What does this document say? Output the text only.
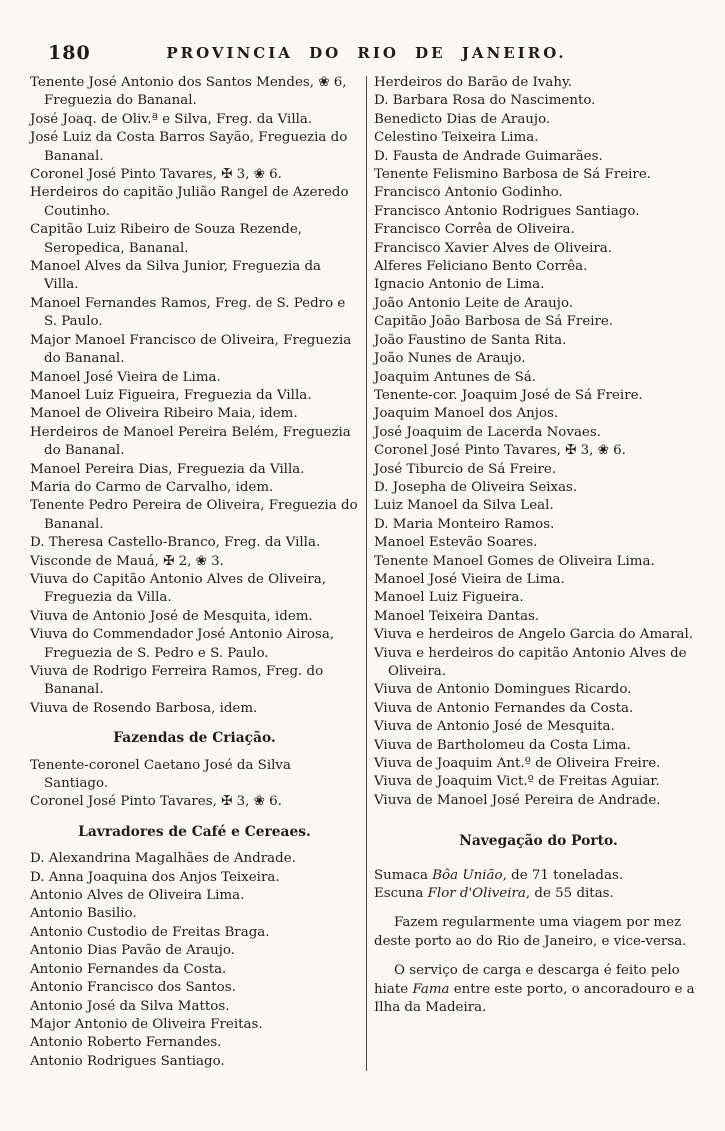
180	PROVINCIA DO RIO DE JANEIRO.

Tenente José Antonio dos Santos Mendes, ❀ 6, Freguezia do Bananal.

José Joaq. de Oliv.ª e Silva, Freg. da Villa.

José Luiz da Costa Barros Sayão, Freguezia do Bananal.

Coronel José Pinto Tavares, ✠ 3, ❀ 6.

Herdeiros do capitão Julião Rangel de Azeredo Coutinho.

Capitão Luiz Ribeiro de Souza Rezende, Seropedica, Bananal.

Manoel Alves da Silva Junior, Freguezia da Villa.

Manoel Fernandes Ramos, Freg. de S. Pedro e S. Paulo.

Major Manoel Francisco de Oliveira, Freguezia do Bananal.

Manoel José Vieira de Lima.

Manoel Luiz Figueira, Freguezia da Villa.

Manoel de Oliveira Ribeiro Maia, idem.

Herdeiros de Manoel Pereira Belém, Freguezia do Bananal.

Manoel Pereira Dias, Freguezia da Villa.

Maria do Carmo de Carvalho, idem.

Tenente Pedro Pereira de Oliveira, Freguezia do Bananal.

D. Theresa Castello-Branco, Freg. da Villa.

Visconde de Mauá, ✠ 2, ❀ 3.

Viuva do Capitão Antonio Alves de Oliveira, Freguezia da Villa.

Viuva de Antonio José de Mesquita, idem.

Viuva do Commendador José Antonio Airosa, Freguezia de S. Pedro e S. Paulo.

Viuva de Rodrigo Ferreira Ramos, Freg. do Bananal.

Viuva de Rosendo Barbosa, idem.

Fazendas de Criação.

Tenente-coronel Caetano José da Silva Santiago.

Coronel José Pinto Tavares, ✠ 3, ❀ 6.

Lavradores de Café e Cereaes.

D. Alexandrina Magalhães de Andrade.

D. Anna Joaquina dos Anjos Teixeira.

Antonio Alves de Oliveira Lima.

Antonio Basilio.

Antonio Custodio de Freitas Braga.

Antonio Dias Pavão de Araujo.

Antonio Fernandes da Costa.

Antonio Francisco dos Santos.

Antonio José da Silva Mattos.

Major Antonio de Oliveira Freitas.

Antonio Roberto Fernandes.

Antonio Rodrigues Santiago.

Herdeiros do Barão de Ivahy.

D. Barbara Rosa do Nascimento.

Benedicto Dias de Araujo.

Celestino Teixeira Lima.

D. Fausta de Andrade Guimarães.

Tenente Felismino Barbosa de Sá Freire.

Francisco Antonio Godinho.

Francisco Antonio Rodrigues Santiago.

Francisco Corrêa de Oliveira.

Francisco Xavier Alves de Oliveira.

Alferes Feliciano Bento Corrêa.

Ignacio Antonio de Lima.

João Antonio Leite de Araujo.

Capitão João Barbosa de Sá Freire.

João Faustino de Santa Rita.

João Nunes de Araujo.

Joaquim Antunes de Sá.

Tenente-cor. Joaquim José de Sá Freire.

Joaquim Manoel dos Anjos.

José Joaquim de Lacerda Novaes.

Coronel José Pinto Tavares, ✠ 3, ❀ 6.

José Tiburcio de Sá Freire.

D. Josepha de Oliveira Seixas.

Luiz Manoel da Silva Leal.

D. Maria Monteiro Ramos.

Manoel Estevão Soares.

Tenente Manoel Gomes de Oliveira Lima.

Manoel José Vieira de Lima.

Manoel Luiz Figueira.

Manoel Teixeira Dantas.

Viuva e herdeiros de Angelo Garcia do Amaral.

Viuva e herdeiros do capitão Antonio Alves de Oliveira.

Viuva de Antonio Domingues Ricardo.

Viuva de Antonio Fernandes da Costa.

Viuva de Antonio José de Mesquita.

Viuva de Bartholomeu da Costa Lima.

Viuva de Joaquim Ant.º de Oliveira Freire.

Viuva de Joaquim Vict.º de Freitas Aguiar.

Viuva de Manoel José Pereira de Andrade.

Navegação do Porto.

Sumaca Bôa União, de 71 toneladas.

Escuna Flor d'Oliveira, de 55 ditas.

Fazem regularmente uma viagem por mez deste porto ao do Rio de Janeiro, e vice-versa.

O serviço de carga e descarga é feito pelo hiate Fama entre este porto, o ancoradouro e a Ilha da Madeira.
